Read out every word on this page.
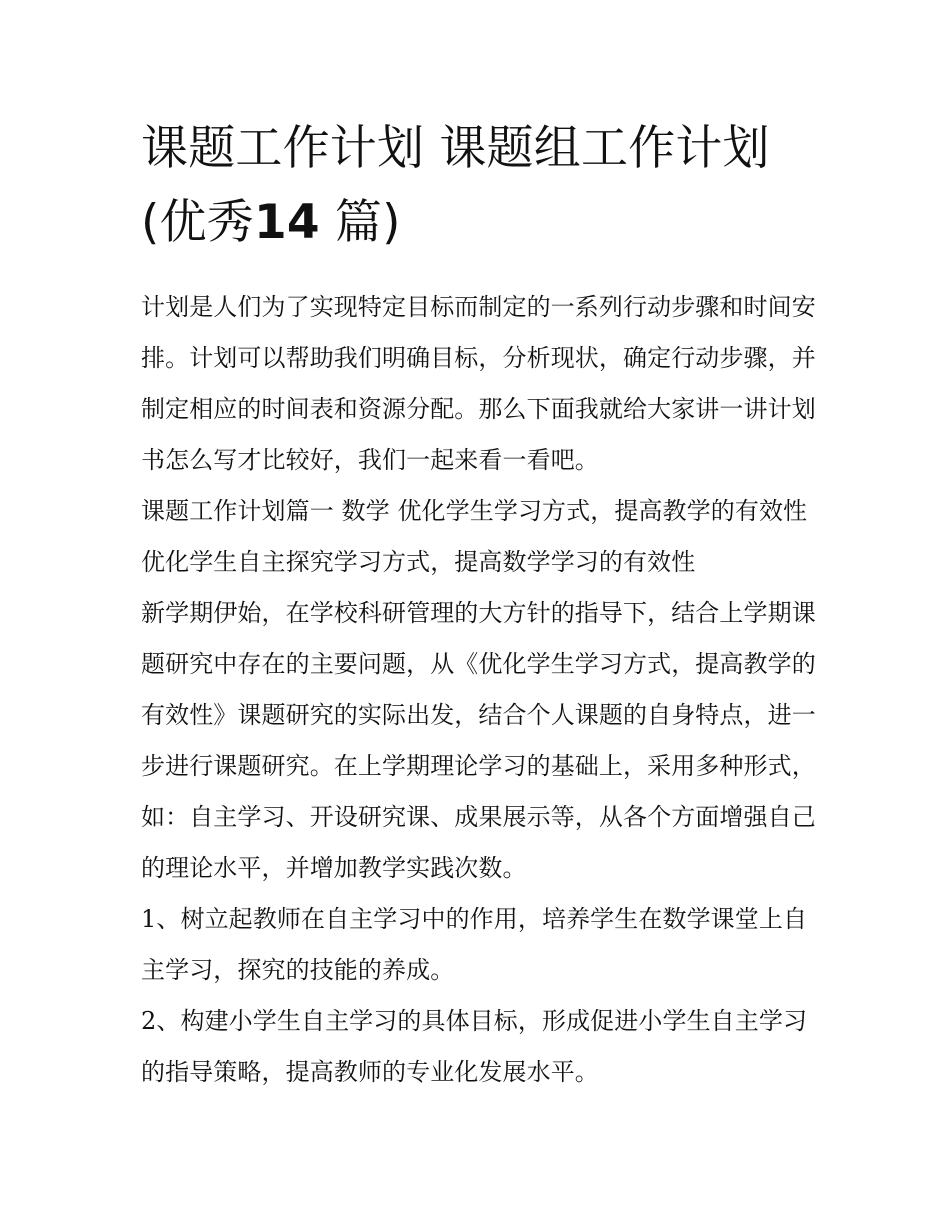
课题工作计划 课题组工作计划(优秀14 篇)

计划是人们为了实现特定目标而制定的一系列行动步骤和时间安排。计划可以帮助我们明确目标，分析现状，确定行动步骤，并制定相应的时间表和资源分配。那么下面我就给大家讲一讲计划书怎么写才比较好，我们一起来看一看吧。

课题工作计划篇一 数学 优化学生学习方式，提高教学的有效性 优化学生自主探究学习方式，提高数学学习的有效性

新学期伊始，在学校科研管理的大方针的指导下，结合上学期课题研究中存在的主要问题，从《优化学生学习方式，提高教学的有效性》课题研究的实际出发，结合个人课题的自身特点，进一步进行课题研究。在上学期理论学习的基础上，采用多种形式，如：自主学习、开设研究课、成果展示等，从各个方面增强自己的理论水平，并增加教学实践次数。

1、树立起教师在自主学习中的作用，培养学生在数学课堂上自主学习，探究的技能的养成。

2、构建小学生自主学习的具体目标，形成促进小学生自主学习的指导策略，提高教师的专业化发展水平。
